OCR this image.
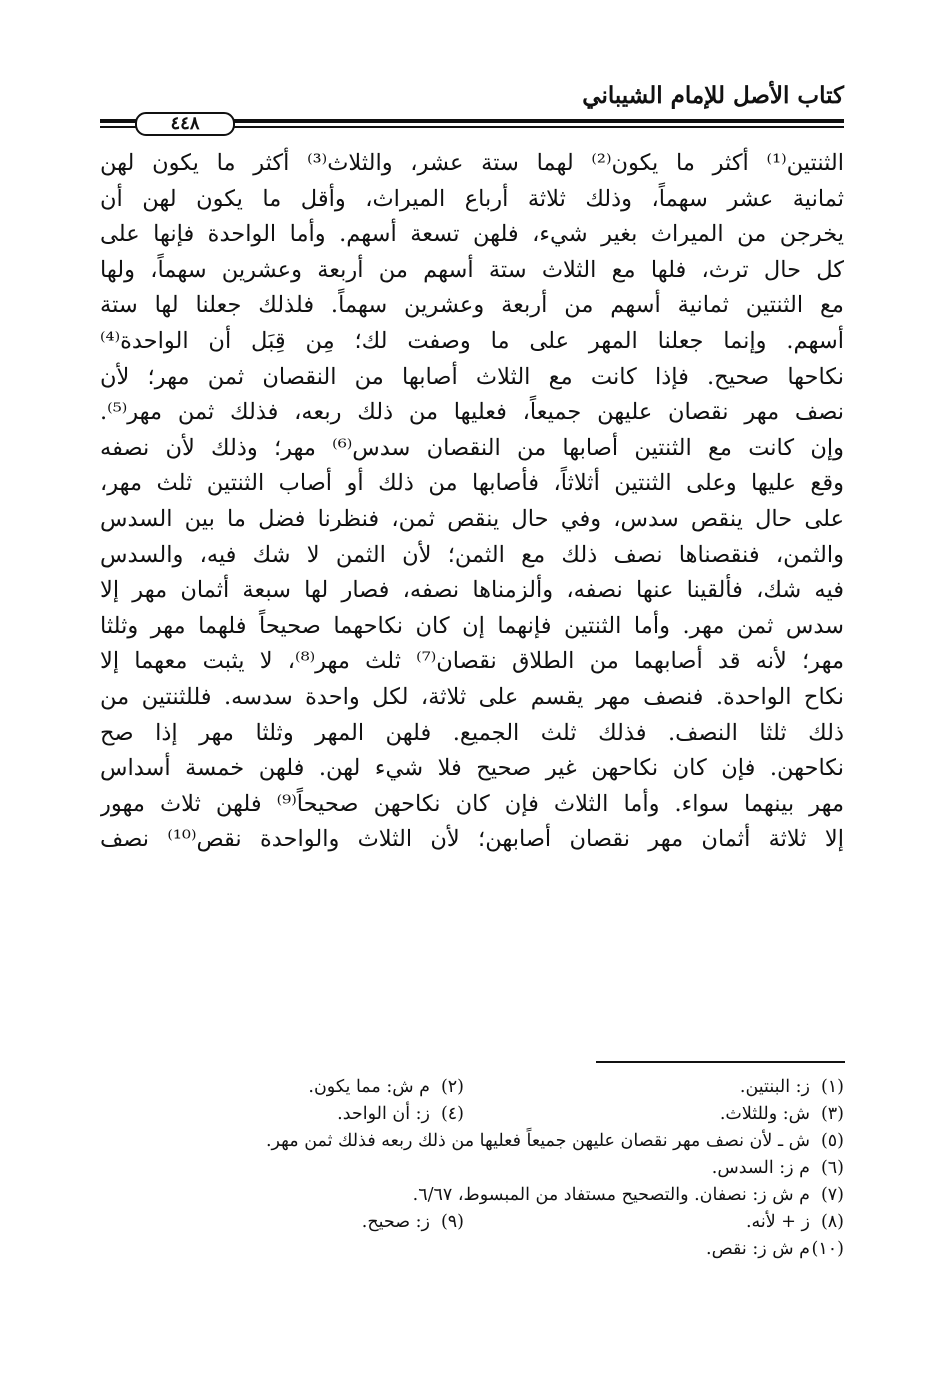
كتاب الأصل للإمام الشيباني
٤٤٨
الثنتين⁽¹⁾ أكثر ما يكون⁽²⁾ لهما ستة عشر، والثلاث⁽³⁾ أكثر ما يكون لهن
ثمانية عشر سهماً، وذلك ثلاثة أرباع الميراث، وأقل ما يكون لهن أن
يخرجن من الميراث بغير شيء، فلهن تسعة أسهم. وأما الواحدة فإنها على
كل حال ترث، فلها مع الثلاث ستة أسهم من أربعة وعشرين سهماً، ولها
مع الثنتين ثمانية أسهم من أربعة وعشرين سهماً. فلذلك جعلنا لها ستة
أسهم. وإنما جعلنا المهر على ما وصفت لك؛ مِن قِبَل أن الواحدة⁽⁴⁾
نكاحها صحيح. فإذا كانت مع الثلاث أصابها من النقصان ثمن مهر؛ لأن
نصف مهر نقصان عليهن جميعاً، فعليها من ذلك ربعه، فذلك ثمن مهر⁽⁵⁾.
وإن كانت مع الثنتين أصابها من النقصان سدس⁽⁶⁾ مهر؛ وذلك لأن نصفه
وقع عليها وعلى الثنتين أثلاثاً، فأصابها من ذلك أو أصاب الثنتين ثلث مهر،
على حال ينقص سدس، وفي حال ينقص ثمن، فنظرنا فضل ما بين السدس
والثمن، فنقصناها نصف ذلك مع الثمن؛ لأن الثمن لا شك فيه، والسدس
فيه شك، فألقينا عنها نصفه، وألزمناها نصفه، فصار لها سبعة أثمان مهر إلا
سدس ثمن مهر. وأما الثنتين فإنهما إن كان نكاحهما صحيحاً فلهما مهر وثلثا
مهر؛ لأنه قد أصابهما من الطلاق نقصان⁽⁷⁾ ثلث مهر⁽⁸⁾، لا يثبت معهما إلا
نكاح الواحدة. فنصف مهر يقسم على ثلاثة، لكل واحدة سدسه. فللثنتين من
ذلك ثلثا النصف. فذلك ثلث الجميع. فلهن المهر وثلثا مهر إذا صح
نكاحهن. فإن كان نكاحهن غير صحيح فلا شيء لهن. فلهن خمسة أسداس
مهر بينهما سواء. وأما الثلاث فإن كان نكاحهن صحيحاً⁽⁹⁾ فلهن ثلاث مهور
إلا ثلاثة أثمان مهر نقصان أصابهن؛ لأن الثلاث والواحدة نقص⁽¹⁰⁾ نصف
(١)ز: البنتين.
(٢)م ش: مما يكون.
(٣)ش: وللثلاث.
(٤)ز: أن الواحد.
(٥)ش ـ لأن نصف مهر نقصان عليهن جميعاً فعليها من ذلك ربعه فذلك ثمن مهر.
(٦)م ز: السدس.
(٧)م ش ز: نصفان. والتصحيح مستفاد من المبسوط، ٦/٦٧.
(٨)ز + لأنه.
(٩)ز: صحيح.
(١٠)م ش ز: نقص.
